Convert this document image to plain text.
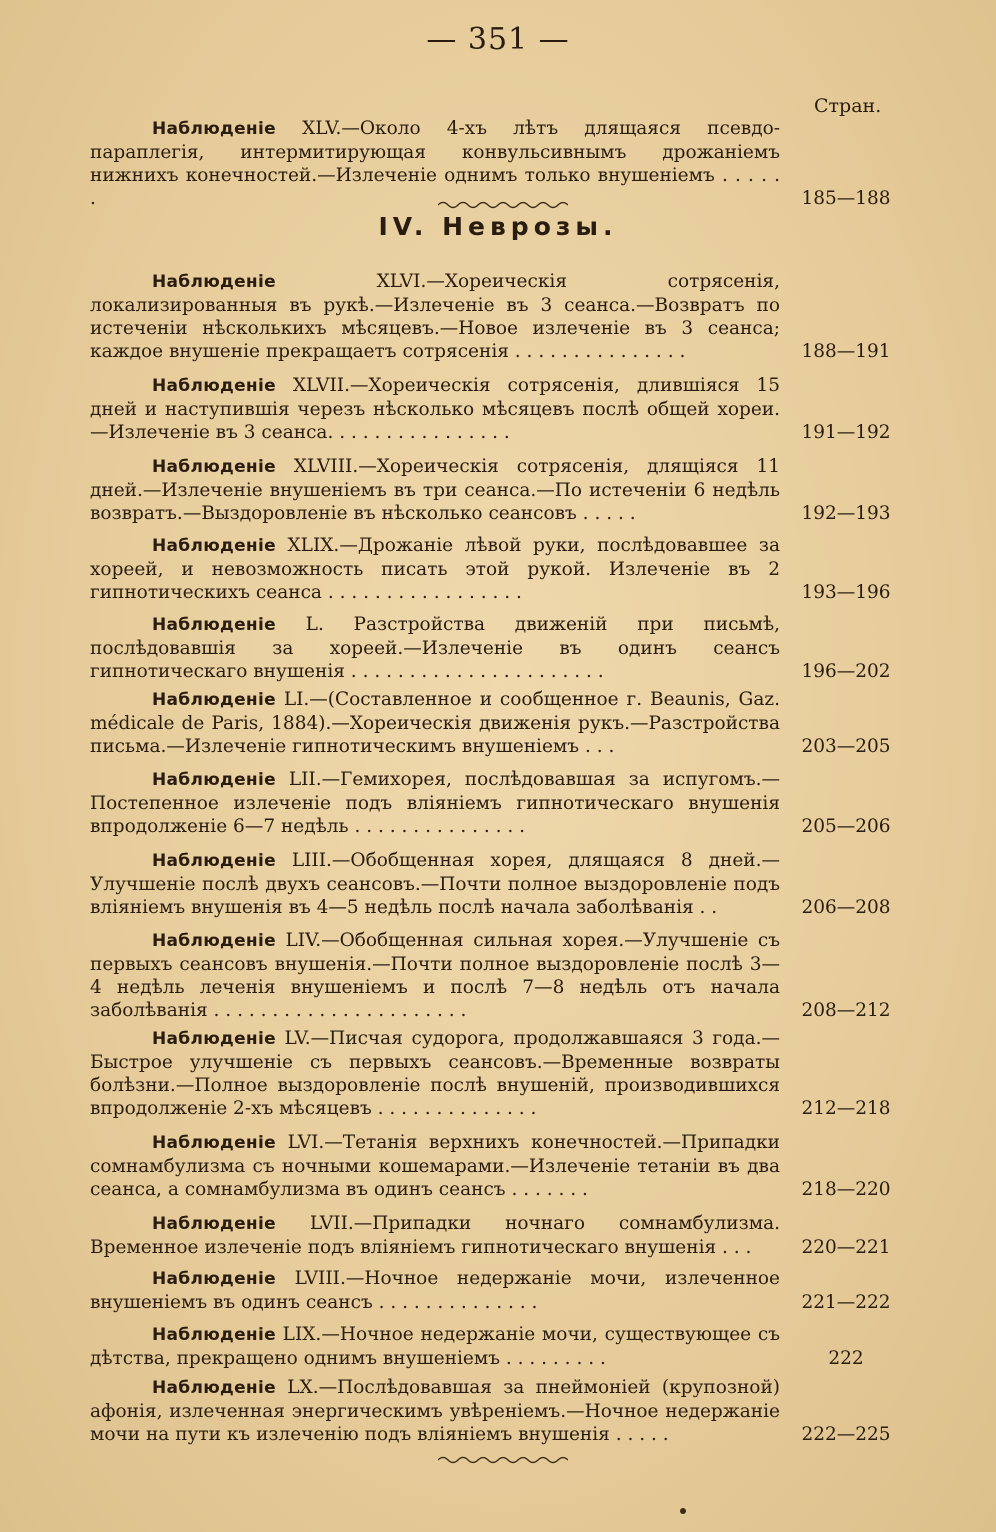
— 351 —
Стран.
Наблюденіе XLV.—Около 4-хъ лѣтъ длящаяся псевдо-параплегія, интермитирующая конвульсивнымъ дрожаніемъ нижнихъ конечностей.—Излеченіе однимъ только внушеніемъ . . . . . .	185—188
Наблюденіе	XLVI.—Хореическія сотрясенія, локализированныя въ рукѣ.—Излеченіе въ 3 сеанса.—Возвратъ по истеченіи нѣсколькихъ мѣсяцевъ.—Новое излеченіе въ 3 сеанса; каждое внушеніе прекращаетъ сотрясенія . . . . . . . . . . . . . . .	188—191
Наблюденіе XLVII.—Хореическія сотрясенія, длившіяся 15 дней и наступившія черезъ нѣсколько мѣсяцевъ послѣ общей хореи.—Излеченіе въ 3 сеанса. . . . . . . . . . . . . . . .	191—192
Наблюденіе XLVIII.—Хореическія сотрясенія, длящіяся 11 дней.—Излеченіе внушеніемъ въ три сеанса.—По истеченіи 6 недѣль возвратъ.—Выздоровленіе въ нѣсколько сеансовъ . . . . .	192—193
Наблюденіе XLIX.—Дрожаніе лѣвой руки, послѣдовавшее за хореей, и невозможность писать этой рукой. Излеченіе въ 2 гипнотическихъ сеанса . . . . . . . . . . . . . . . . .	193—196
Наблюденіе L. Разстройства движеній при письмѣ, послѣдовавшія за хореей.—Излеченіе въ одинъ сеансъ гипнотическаго внушенія . . . . . . . . . . . . . . . . . . . . . .	196—202
Наблюденіе LI.—(Составленное и сообщенное г. Beaunis, Gaz. médicale de Paris, 1884).—Хореическія движенія рукъ.—Разстройства письма.—Излеченіе гипнотическимъ внушеніемъ . . .	203—205
Наблюденіе LII.—Гемихорея, послѣдовавшая за испугомъ.—Постепенное излеченіе подъ вліяніемъ гипнотическаго внушенія впродолженіе 6—7 недѣль . . . . . . . . . . . . . . .	205—206
Наблюденіе LIII.—Обобщенная хорея, длящаяся 8 дней.—Улучшеніе послѣ двухъ сеансовъ.—Почти полное выздоровленіе подъ вліяніемъ внушенія въ 4—5 недѣль послѣ начала заболѣванія . .	206—208
Наблюденіе LIV.—Обобщенная сильная хорея.—Улучшеніе съ первыхъ сеансовъ внушенія.—Почти полное выздоровленіе послѣ 3—4 недѣль леченія внушеніемъ и послѣ 7—8 недѣль отъ начала заболѣванія . . . . . . . . . . . . . . . . . . . . . .	208—212
Наблюденіе LV.—Писчая судорога, продолжавшаяся 3 года.—Быстрое улучшеніе съ первыхъ сеансовъ.—Временные возвраты болѣзни.—Полное выздоровленіе послѣ внушеній, производившихся впродолженіе 2-хъ мѣсяцевъ . . . . . . . . . . . . . .	212—218
Наблюденіе LVI.—Тетанія верхнихъ конечностей.—Припадки сомнамбулизма съ ночными кошемарами.—Излеченіе тетаніи въ два сеанса, а сомнамбулизма въ одинъ сеансъ . . . . . . .	218—220
Наблюденіе LVII.—Припадки ночнаго сомнамбулизма. Временное излеченіе подъ вліяніемъ гипнотическаго внушенія . . .	220—221
Наблюденіе LVIII.—Ночное недержаніе мочи, излеченное внушеніемъ въ одинъ сеансъ . . . . . . . . . . . . . .	221—222
Наблюденіе LIX.—Ночное недержаніе мочи, существующее съ дѣтства, прекращено однимъ внушеніемъ . . . . . . . . .	222
Наблюденіе LX.—Послѣдовавшая за пнеймоніей (крупозной) афонія, излеченная энергическимъ увѣреніемъ.—Ночное недержаніе мочи на пути къ излеченію подъ вліяніемъ внушенія . . . . .	222—225
IV. Неврозы.
